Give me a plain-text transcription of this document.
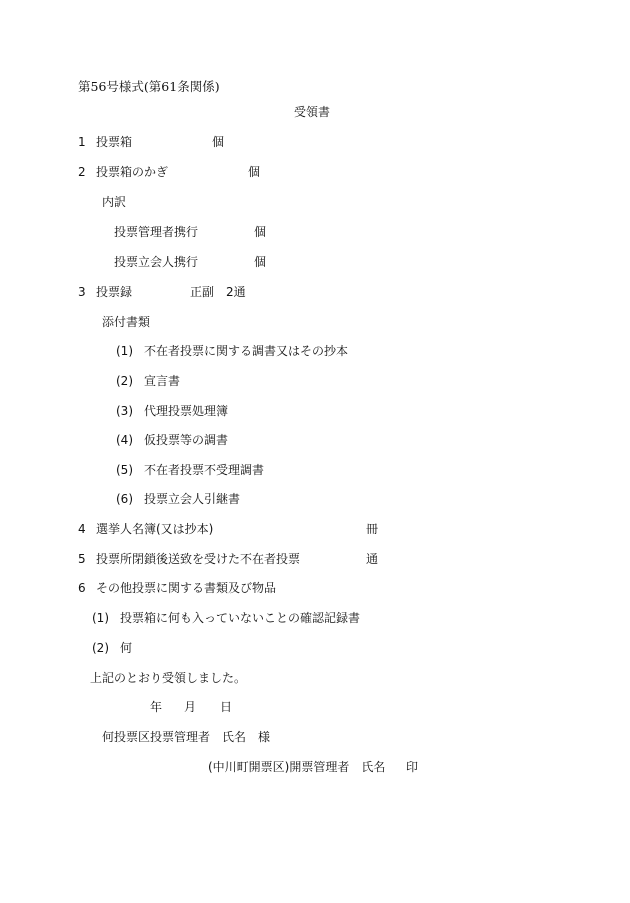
第56号様式(第61条関係)
受領書
1 投票箱	個
2 投票箱のかぎ	個
内訳
投票管理者携行	個
投票立会人携行	個
3 投票録	正副　2通
添付書類
(1) 不在者投票に関する調書又はその抄本
(2) 宣言書
(3) 代理投票処理簿
(4) 仮投票等の調書
(5) 不在者投票不受理調書
(6) 投票立会人引継書
4 選挙人名簿(又は抄本)	冊
5 投票所閉鎖後送致を受けた不在者投票	通
6 その他投票に関する書類及び物品
(1) 投票箱に何も入っていないことの確認記録書
(2) 何
上記のとおり受領しました。
年 月 日
何投票区投票管理者　氏名　様
(中川町開票区)開票管理者　氏名 印
